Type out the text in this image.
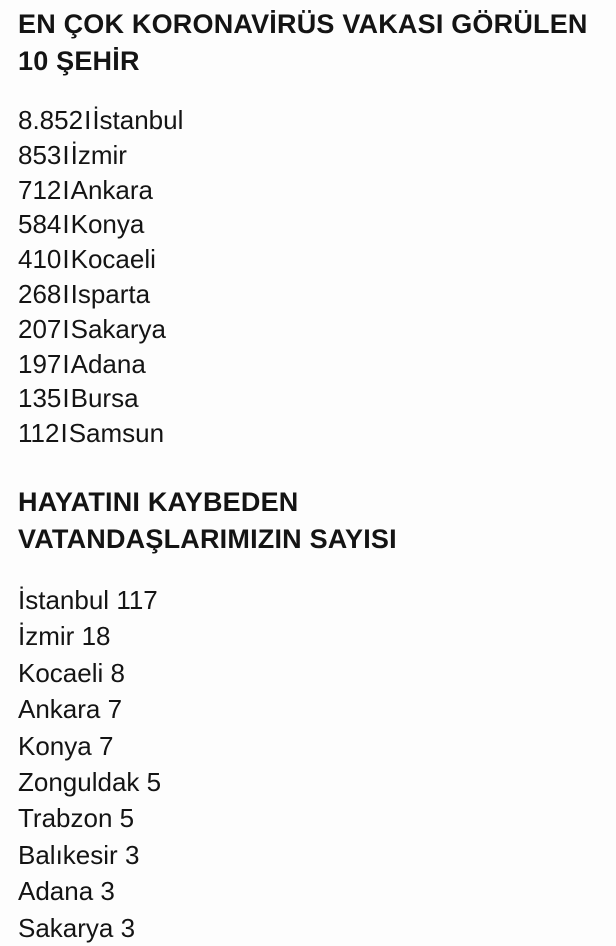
EN ÇOK KORONAVİRÜS VAKASI GÖRÜLEN
10 ŞEHİR
8.852Iİstanbul
853Iİzmir
712IAnkara
584IKonya
410IKocaeli
268IIsparta
207ISakarya
197IAdana
135IBursa
112ISamsun
HAYATINI KAYBEDEN
VATANDAŞLARIMIZIN SAYISI
İstanbul 117
İzmir 18
Kocaeli 8
Ankara 7
Konya 7
Zonguldak 5
Trabzon 5
Balıkesir 3
Adana 3
Sakarya 3
